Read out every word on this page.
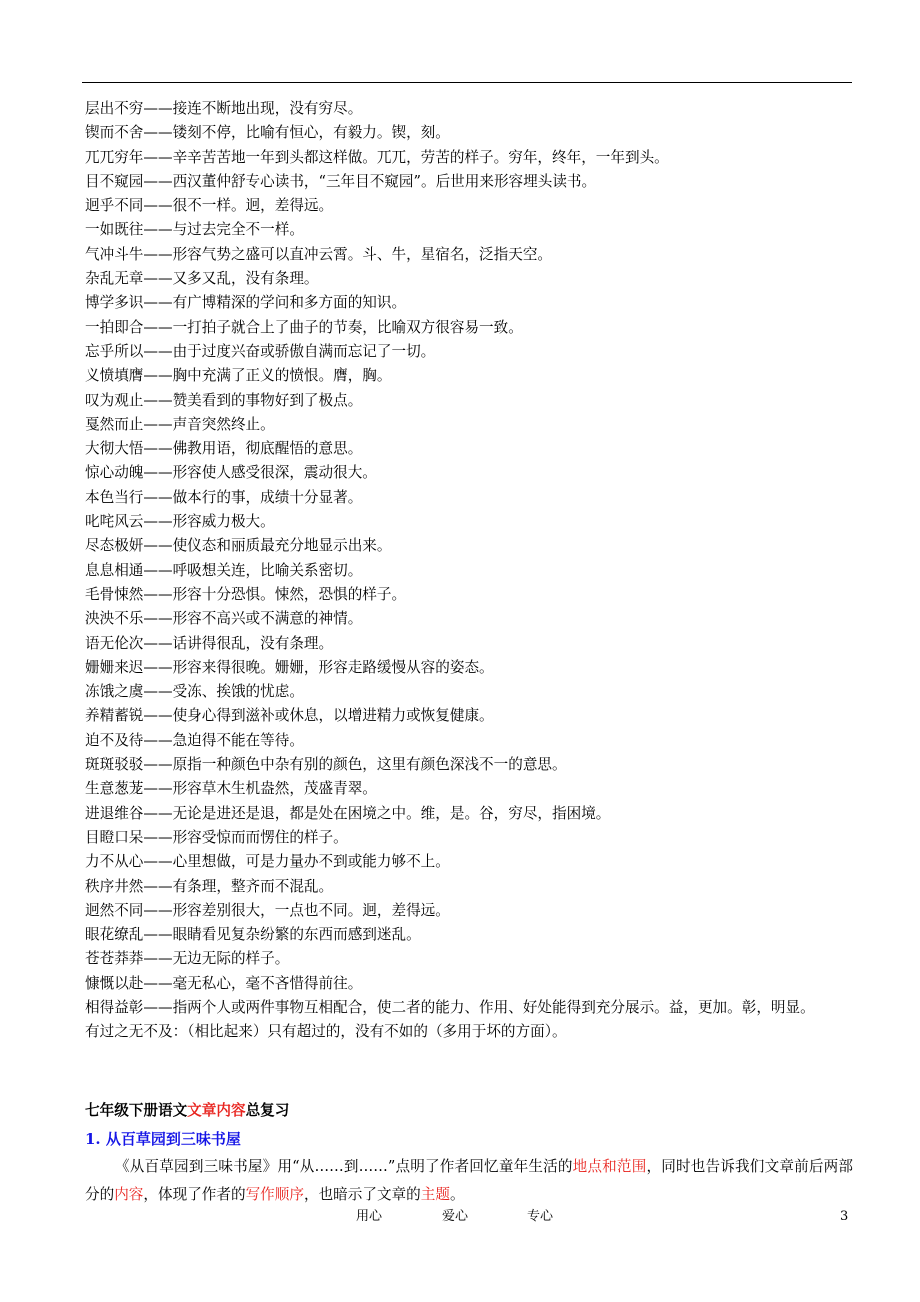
层出不穷——接连不断地出现，没有穷尽。
锲而不舍——镂刻不停，比喻有恒心，有毅力。锲，刻。
兀兀穷年——辛辛苦苦地一年到头都这样做。兀兀，劳苦的样子。穷年，终年，一年到头。
目不窥园——西汉董仲舒专心读书，“三年目不窥园”。后世用来形容埋头读书。
迥乎不同——很不一样。迥，差得远。
一如既往——与过去完全不一样。
气冲斗牛——形容气势之盛可以直冲云霄。斗、牛，星宿名，泛指天空。
杂乱无章——又多又乱，没有条理。
博学多识——有广博精深的学问和多方面的知识。
一拍即合——一打拍子就合上了曲子的节奏，比喻双方很容易一致。
忘乎所以——由于过度兴奋或骄傲自满而忘记了一切。
义愤填膺——胸中充满了正义的愤恨。膺，胸。
叹为观止——赞美看到的事物好到了极点。
戛然而止——声音突然终止。
大彻大悟——佛教用语，彻底醒悟的意思。
惊心动魄——形容使人感受很深，震动很大。
本色当行——做本行的事，成绩十分显著。
叱咤风云——形容威力极大。
尽态极妍——使仪态和丽质最充分地显示出来。
息息相通——呼吸想关连，比喻关系密切。
毛骨悚然——形容十分恐惧。悚然，恐惧的样子。
泱泱不乐——形容不高兴或不满意的神情。
语无伦次——话讲得很乱，没有条理。
姗姗来迟——形容来得很晚。姗姗，形容走路缓慢从容的姿态。
冻饿之虞——受冻、挨饿的忧虑。
养精蓄锐——使身心得到滋补或休息，以增进精力或恢复健康。
迫不及待——急迫得不能在等待。
斑斑驳驳——原指一种颜色中杂有别的颜色，这里有颜色深浅不一的意思。
生意葱茏——形容草木生机盎然，茂盛青翠。
进退维谷——无论是进还是退，都是处在困境之中。维，是。谷，穷尽，指困境。
目瞪口呆——形容受惊而而愣住的样子。
力不从心——心里想做，可是力量办不到或能力够不上。
秩序井然——有条理，整齐而不混乱。
迥然不同——形容差别很大，一点也不同。迥，差得远。
眼花缭乱——眼睛看见复杂纷繁的东西而感到迷乱。
苍苍莽莽——无边无际的样子。
慷慨以赴——毫无私心，毫不吝惜得前往。
相得益彰——指两个人或两件事物互相配合，使二者的能力、作用、好处能得到充分展示。益，更加。彰，明显。
有过之无不及：（相比起来）只有超过的，没有不如的（多用于坏的方面）。
七年级下册语文文章内容总复习
1. 从百草园到三味书屋
《从百草园到三味书屋》用“从……到……”点明了作者回忆童年生活的地点和范围，同时也告诉我们文章前后两部分的内容，体现了作者的写作顺序，也暗示了文章的主题。
用心	爱心	专心	3
